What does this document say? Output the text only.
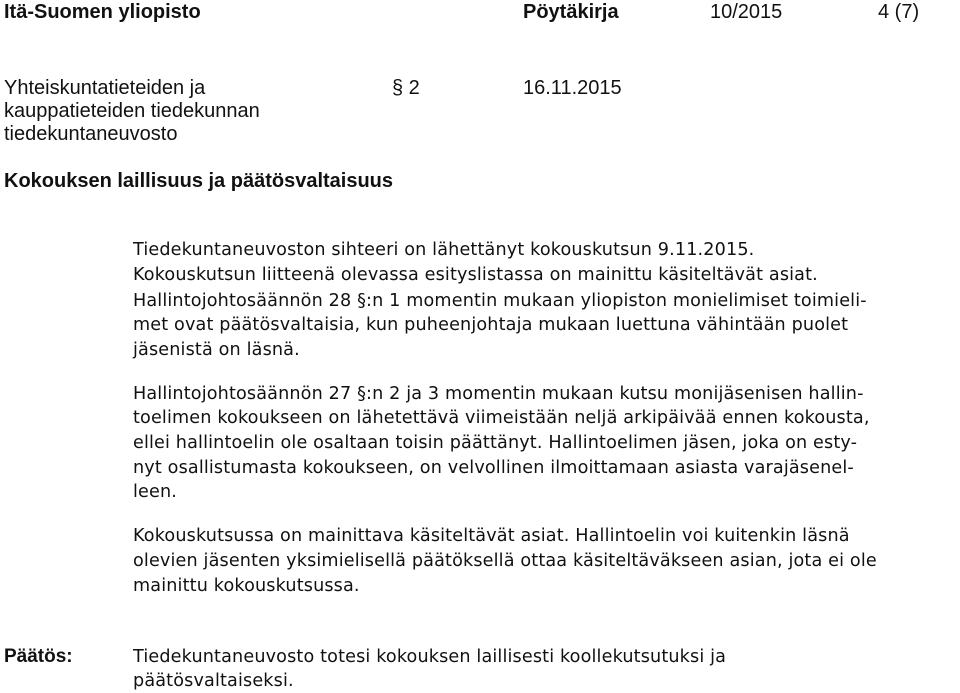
Itä-Suomen yliopisto	Pöytäkirja	10/2015	4 (7)
Yhteiskuntatieteiden ja
kauppatieteiden tiedekunnan
tiedekuntaneuvosto
§ 2	16.11.2015
Kokouksen laillisuus ja päätösvaltaisuus
Tiedekuntaneuvoston sihteeri on lähettänyt kokouskutsun 9.11.2015.
Kokouskutsun liitteenä olevassa esityslistassa on mainittu käsiteltävät asiat.
Hallintojohtosäännön 28 §:n 1 momentin mukaan yliopiston monielimiset toimieli-
met ovat päätösvaltaisia, kun puheenjohtaja mukaan luettuna vähintään puolet
jäsenistä on läsnä.
Hallintojohtosäännön 27 §:n 2 ja 3 momentin mukaan kutsu monijäsenisen hallin-
toelimen kokoukseen on lähetettävä viimeistään neljä arkipäivää ennen kokousta,
ellei hallintoelin ole osaltaan toisin päättänyt. Hallintoelimen jäsen, joka on esty-
nyt osallistumasta kokoukseen, on velvollinen ilmoittamaan asiasta varajäsenel-
leen.
Kokouskutsussa on mainittava käsiteltävät asiat. Hallintoelin voi kuitenkin läsnä
olevien jäsenten yksimielisellä päätöksellä ottaa käsiteltäväkseen asian, jota ei ole
mainittu kokouskutsussa.
Päätös:	Tiedekuntaneuvosto totesi kokouksen laillisesti koollekutsutuksi ja
päätösvaltaiseksi.
